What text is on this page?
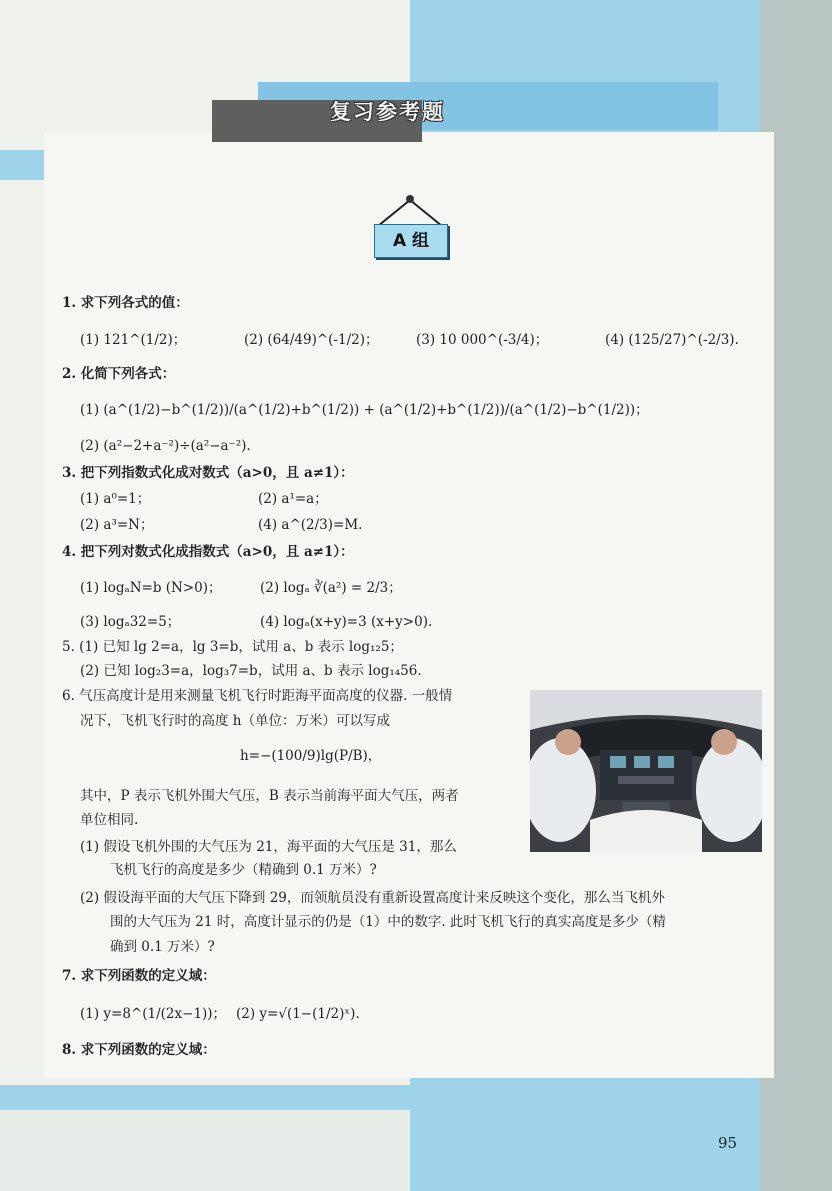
复习参考题
A 组
1. 求下列各式的值：
(1) 121^(1/2)；	(2) (64/49)^(-1/2)；	(3) 10 000^(-3/4)；	(4) (125/27)^(-2/3).
2. 化简下列各式：
(1) (a^(1/2)−b^(1/2))/(a^(1/2)+b^(1/2)) + (a^(1/2)+b^(1/2))/(a^(1/2)−b^(1/2))；
(2) (a²−2+a⁻²)÷(a²−a⁻²).
3. 把下列指数式化成对数式（a>0，且 a≠1）：
(1) a⁰=1；	(2) a¹=a；
(2) a³=N；	(4) a^(2/3)=M.
4. 把下列对数式化成指数式（a>0，且 a≠1）：
(1) logₐN=b (N>0)；	(2) logₐ ∛(a²) = 2/3；
(3) logₐ32=5；	(4) logₐ(x+y)=3 (x+y>0).
5. (1) 已知 lg 2=a，lg 3=b，试用 a、b 表示 log₁₂5；
(2) 已知 log₂3=a，log₃7=b，试用 a、b 表示 log₁₄56.
6. 气压高度计是用来测量飞机飞行时距海平面高度的仪器. 一般情
况下，飞机飞行时的高度 h（单位：万米）可以写成
h=−(100/9)lg(P/B)，
其中，P 表示飞机外围大气压，B 表示当前海平面大气压，两者
单位相同.
(1) 假设飞机外围的大气压为 21，海平面的大气压是 31，那么
飞机飞行的高度是多少（精确到 0.1 万米）?
(2) 假设海平面的大气压下降到 29，而领航员没有重新设置高度计来反映这个变化，那么当飞机外
围的大气压为 21 时，高度计显示的仍是（1）中的数字. 此时飞机飞行的真实高度是多少（精
确到 0.1 万米）?
7. 求下列函数的定义域：
(1) y=8^(1/(2x−1))； (2) y=√(1−(1/2)ˣ).
8. 求下列函数的定义域：
95
